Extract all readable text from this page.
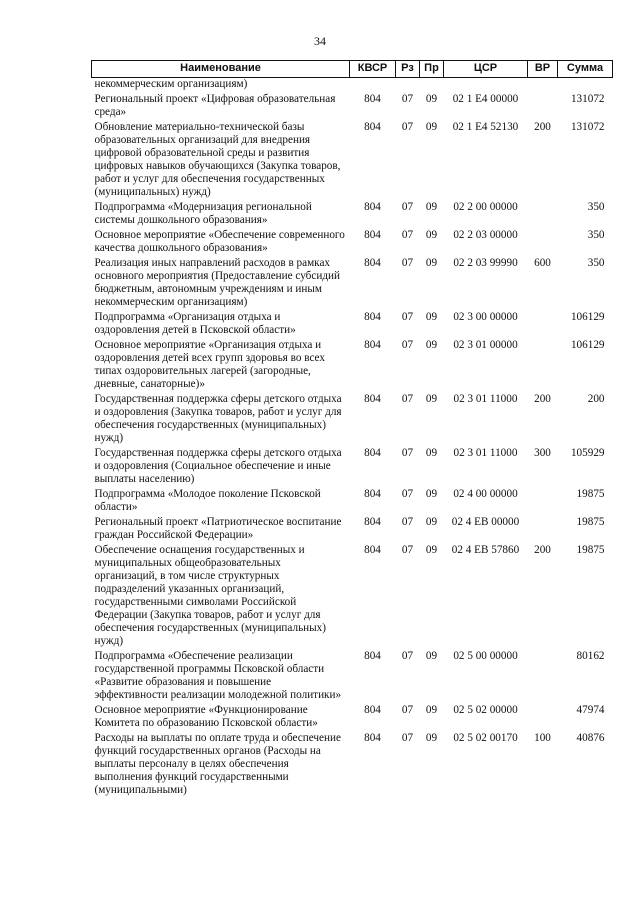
34
Наименование	КВСР	Рз	Пр	ЦСР	ВР	Сумма
некоммерческим организациям)						
Региональный проект «Цифровая образовательная среда»	804	07	09	02 1 E4 00000		131072
Обновление материально-технической базы образовательных организаций для внедрения цифровой образовательной среды и развития цифровых навыков обучающихся (Закупка товаров, работ и услуг для обеспечения государственных (муниципальных) нужд)	804	07	09	02 1 E4 52130	200	131072
Подпрограмма «Модернизация региональной системы дошкольного образования»	804	07	09	02 2 00 00000		350
Основное мероприятие «Обеспечение современного качества дошкольного образования»	804	07	09	02 2 03 00000		350
Реализация иных направлений расходов в рамках основного мероприятия (Предоставление субсидий бюджетным, автономным учреждениям и иным некоммерческим организациям)	804	07	09	02 2 03 99990	600	350
Подпрограмма «Организация отдыха и оздоровления детей в Псковской области»	804	07	09	02 3 00 00000		106129
Основное мероприятие «Организация отдыха и оздоровления детей всех групп здоровья во всех типах оздоровительных лагерей (загородные, дневные, санаторные)»	804	07	09	02 3 01 00000		106129
Государственная поддержка сферы детского отдыха и оздоровления (Закупка товаров, работ и услуг для обеспечения государственных (муниципальных) нужд)	804	07	09	02 3 01 11000	200	200
Государственная поддержка сферы детского отдыха и оздоровления (Социальное обеспечение и иные выплаты населению)	804	07	09	02 3 01 11000	300	105929
Подпрограмма «Молодое поколение Псковской области»	804	07	09	02 4 00 00000		19875
Региональный проект «Патриотическое воспитание граждан Российской Федерации»	804	07	09	02 4 EB 00000		19875
Обеспечение оснащения государственных и муниципальных общеобразовательных организаций, в том числе структурных подразделений указанных организаций, государственными символами Российской Федерации (Закупка товаров, работ и услуг для обеспечения государственных (муниципальных) нужд)	804	07	09	02 4 EB 57860	200	19875
Подпрограмма «Обеспечение реализации государственной программы Псковской области «Развитие образования и повышение эффективности реализации молодежной политики»	804	07	09	02 5 00 00000		80162
Основное мероприятие «Функционирование Комитета по образованию Псковской области»	804	07	09	02 5 02 00000		47974
Расходы на выплаты по оплате труда и обеспечение функций государственных органов (Расходы на выплаты персоналу в целях обеспечения выполнения функций государственными (муниципальными)	804	07	09	02 5 02 00170	100	40876
